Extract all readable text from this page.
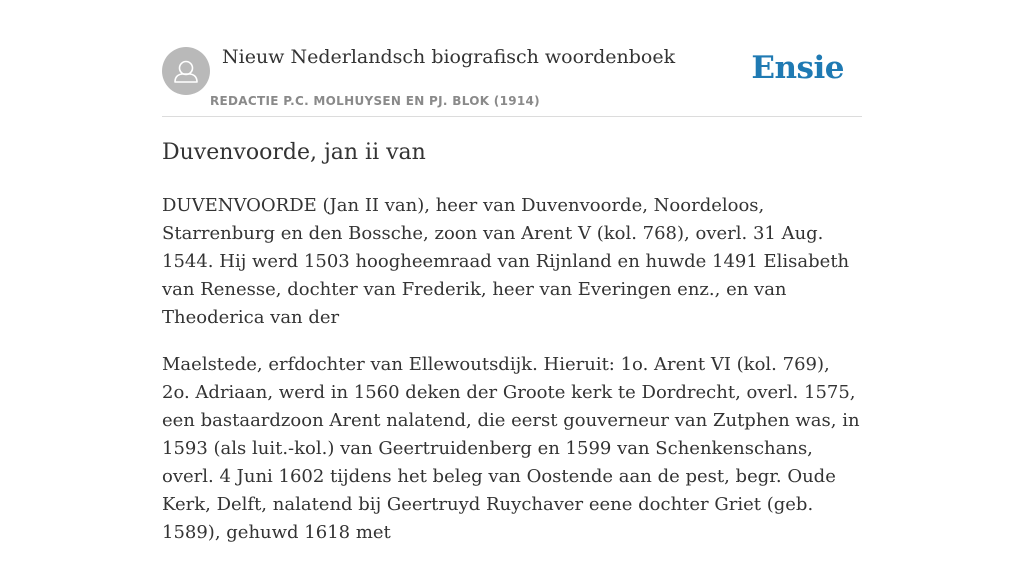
Nieuw Nederlandsch biografisch woordenboek
REDACTIE P.C. MOLHUYSEN EN PJ. BLOK (1914)
Ensie
Duvenvoorde, jan ii van

DUVENVOORDE (Jan II van), heer van Duvenvoorde, Noordeloos, Starrenburg en den Bossche, zoon van Arent V (kol. 768), overl. 31 Aug. 1544. Hij werd 1503 hoogheemraad van Rijnland en huwde 1491 Elisabeth van Renesse, dochter van Frederik, heer van Everingen enz., en van Theoderica van der

Maelstede, erfdochter van Ellewoutsdijk. Hieruit: 1o. Arent VI (kol. 769), 2o. Adriaan, werd in 1560 deken der Groote kerk te Dordrecht, overl. 1575, een bastaardzoon Arent nalatend, die eerst gouverneur van Zutphen was, in 1593 (als luit.-kol.) van Geertruidenberg en 1599 van Schenkenschans, overl. 4 Juni 1602 tijdens het beleg van Oostende aan de pest, begr. Oude Kerk, Delft, nalatend bij Geertruyd Ruychaver eene dochter Griet (geb. 1589), gehuwd 1618 met
